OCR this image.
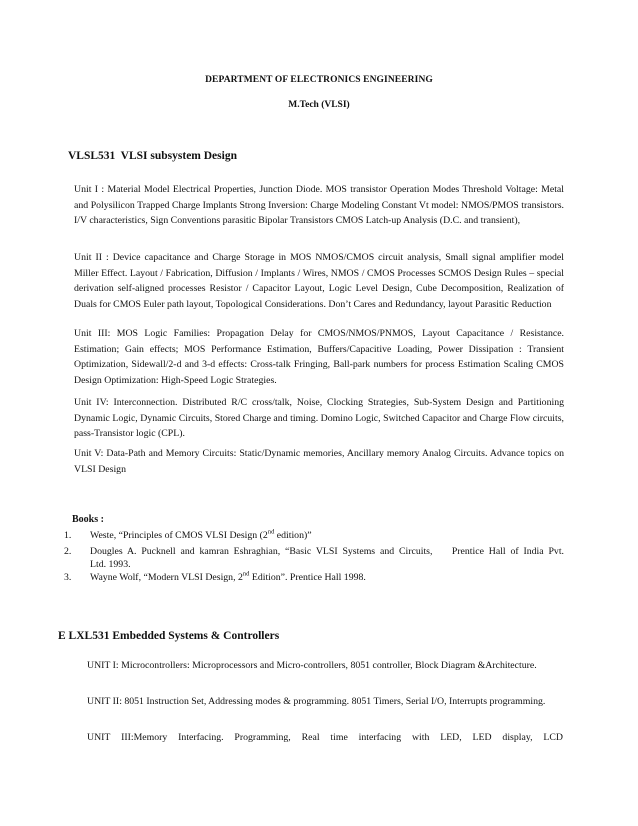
DEPARTMENT OF ELECTRONICS ENGINEERING
M.Tech (VLSI)
VLSL531 VLSI subsystem Design

Unit I : Material Model Electrical Properties, Junction Diode. MOS transistor Operation Modes Threshold Voltage: Metal and Polysilicon Trapped Charge Implants Strong Inversion: Charge Modeling Constant Vt model: NMOS/PMOS transistors. I/V characteristics, Sign Conventions parasitic Bipolar Transistors CMOS Latch-up Analysis (D.C. and transient),

Unit II : Device capacitance and Charge Storage in MOS NMOS/CMOS circuit analysis, Small signal amplifier model Miller Effect. Layout / Fabrication, Diffusion / Implants / Wires, NMOS / CMOS Processes SCMOS Design Rules – special derivation self-aligned processes Resistor / Capacitor Layout, Logic Level Design, Cube Decomposition, Realization of Duals for CMOS Euler path layout, Topological Considerations. Don’t Cares and Redundancy, layout Parasitic Reduction

Unit III: MOS Logic Families: Propagation Delay for CMOS/NMOS/PNMOS, Layout Capacitance / Resistance. Estimation; Gain effects; MOS Performance Estimation, Buffers/Capacitive Loading, Power Dissipation : Transient Optimization, Sidewall/2-d and 3-d effects: Cross-talk Fringing, Ball-park numbers for process Estimation Scaling CMOS Design Optimization: High-Speed Logic Strategies.

Unit IV: Interconnection. Distributed R/C cross/talk, Noise, Clocking Strategies, Sub-System Design and Partitioning Dynamic Logic, Dynamic Circuits, Stored Charge and timing. Domino Logic, Switched Capacitor and Charge Flow circuits, pass-Transistor logic (CPL).

Unit V: Data-Path and Memory Circuits: Static/Dynamic memories, Ancillary memory Analog Circuits. Advance topics on VLSI Design

Books :
1.	Weste, “Principles of CMOS VLSI Design (2nd edition)”
2.	Dougles A. Pucknell and kamran Eshraghian, “Basic VLSI Systems and Circuits,    Prentice Hall of India Pvt.
Ltd. 1993.
3.	Wayne Wolf, “Modern VLSI Design, 2nd Edition”. Prentice Hall 1998.
E LXL531 Embedded Systems & Controllers

UNIT I: Microcontrollers: Microprocessors and Micro-controllers, 8051 controller, Block Diagram &Architecture.

UNIT II: 8051 Instruction Set, Addressing modes & programming. 8051 Timers, Serial I/O, Interrupts programming.

UNIT III:Memory Interfacing. Programming, Real time interfacing with LED, LED display, LCD
